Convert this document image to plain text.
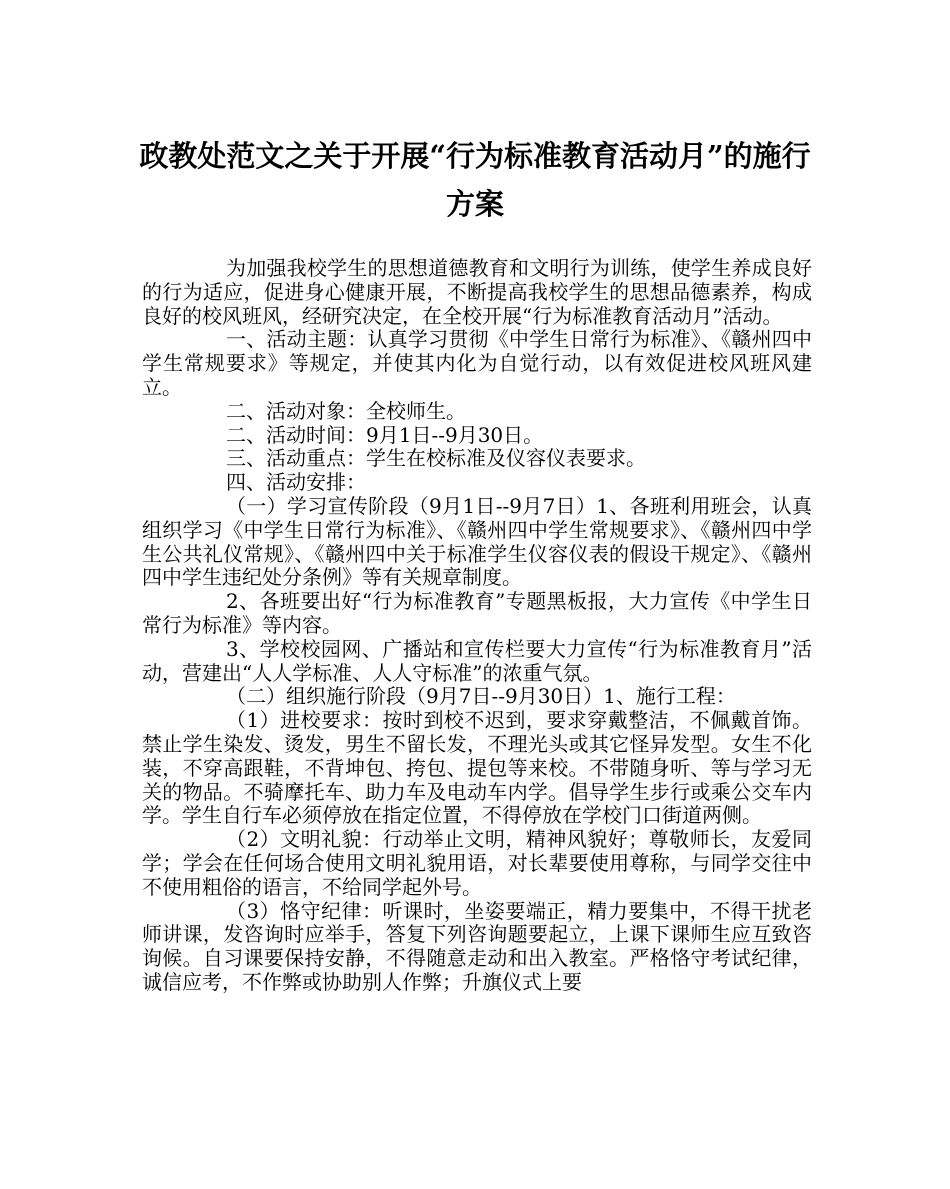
政教处范文之关于开展“行为标准教育活动月”的施行
方案

为加强我校学生的思想道德教育和文明行为训练，使学生养成良好的行为适应，促进身心健康开展，不断提高我校学生的思想品德素养，构成良好的校风班风，经研究决定，在全校开展“行为标准教育活动月”活动。

一、活动主题：认真学习贯彻《中学生日常行为标准》、《赣州四中学生常规要求》等规定，并使其内化为自觉行动，以有效促进校风班风建立。

二、活动对象：全校师生。

二、活动时间：9月1日--9月30日。

三、活动重点：学生在校标准及仪容仪表要求。

四、活动安排：

（一）学习宣传阶段（9月1日--9月7日）1、各班利用班会，认真组织学习《中学生日常行为标准》、《赣州四中学生常规要求》、《赣州四中学生公共礼仪常规》、《赣州四中关于标准学生仪容仪表的假设干规定》、《赣州四中学生违纪处分条例》等有关规章制度。

2、各班要出好“行为标准教育”专题黑板报，大力宣传《中学生日常行为标准》等内容。

3、学校校园网、广播站和宣传栏要大力宣传“行为标准教育月”活动，营建出“人人学标准、人人守标准”的浓重气氛。

（二）组织施行阶段（9月7日--9月30日）1、施行工程：

（1）进校要求：按时到校不迟到，要求穿戴整洁，不佩戴首饰。禁止学生染发、烫发，男生不留长发，不理光头或其它怪异发型。女生不化装，不穿高跟鞋，不背坤包、挎包、提包等来校。不带随身听、等与学习无关的物品。不骑摩托车、助力车及电动车内学。倡导学生步行或乘公交车内学。学生自行车必须停放在指定位置，不得停放在学校门口街道两侧。

（2）文明礼貌：行动举止文明，精神风貌好；尊敬师长，友爱同学；学会在任何场合使用文明礼貌用语，对长辈要使用尊称，与同学交往中不使用粗俗的语言，不给同学起外号。

（3）恪守纪律：听课时，坐姿要端正，精力要集中，不得干扰老师讲课，发咨询时应举手，答复下列咨询题要起立，上课下课师生应互致咨询候。自习课要保持安静，不得随意走动和出入教室。严格恪守考试纪律，诚信应考，不作弊或协助别人作弊；升旗仪式上要
